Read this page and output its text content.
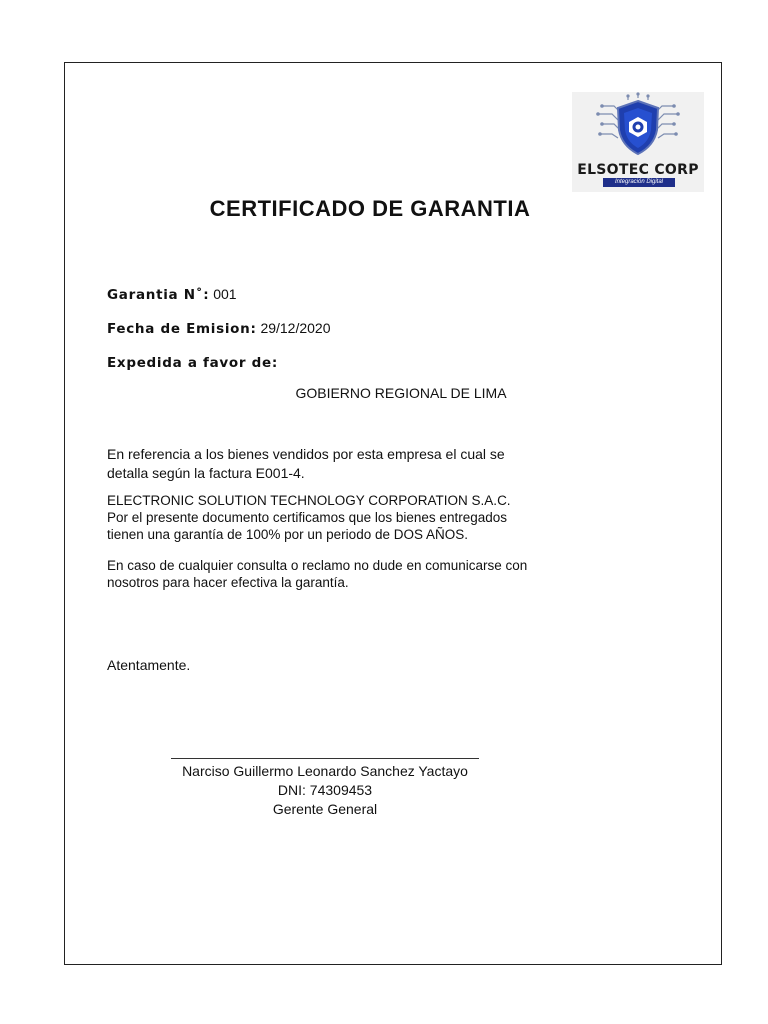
ELSOTEC CORP
Integración Digital
CERTIFICADO DE GARANTIA
Garantia N˚: 001
Fecha de Emision: 29/12/2020
Expedida a favor de:
GOBIERNO REGIONAL DE LIMA
En referencia a los bienes vendidos por esta empresa el cual se
detalla según la factura E001-4.
ELECTRONIC SOLUTION TECHNOLOGY CORPORATION S.A.C.
Por el presente documento certificamos que los bienes entregados
tienen una garantía de 100% por un periodo de DOS AÑOS.
En caso de cualquier consulta o reclamo no dude en comunicarse con
nosotros para hacer efectiva la garantía.
Atentamente.
Narciso Guillermo Leonardo Sanchez Yactayo
DNI: 74309453
Gerente General
